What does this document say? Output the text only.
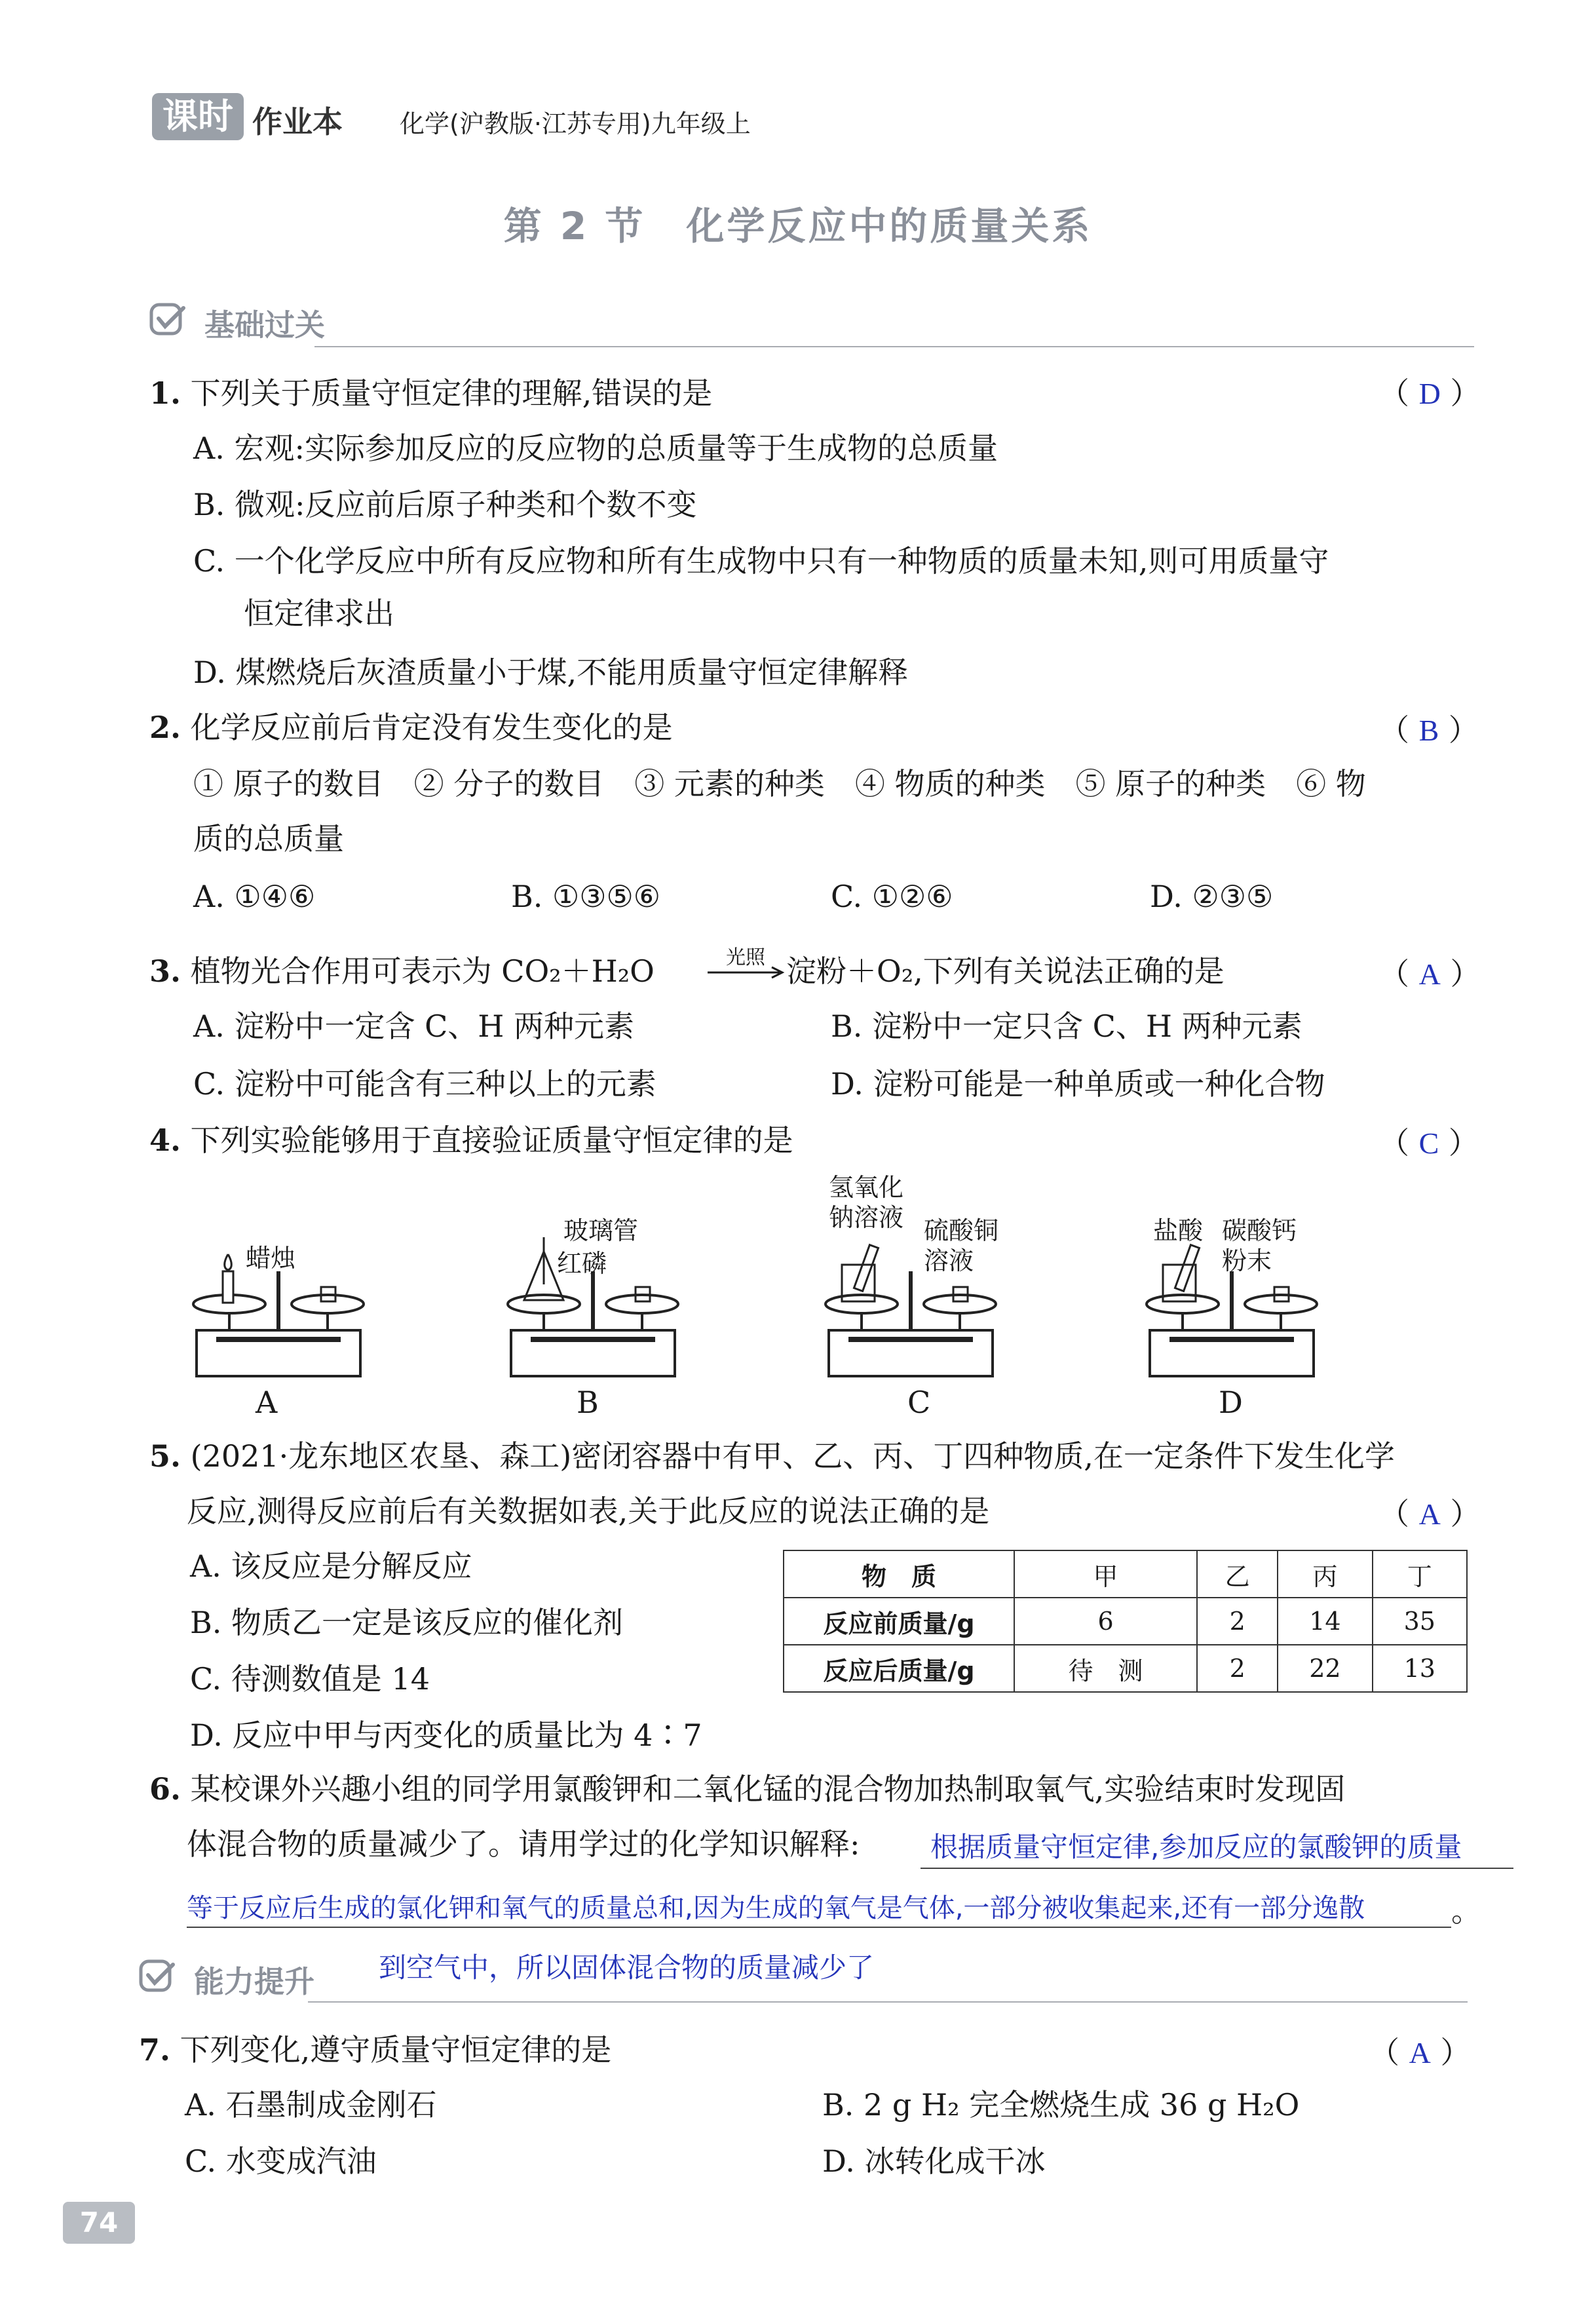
课时 作业本 化学(沪教版·江苏专用)九年级上
第 2 节　化学反应中的质量关系
基础过关
1. 下列关于质量守恒定律的理解,错误的是	（ D ）
A. 宏观:实际参加反应的反应物的总质量等于生成物的总质量
B. 微观:反应前后原子种类和个数不变
C. 一个化学反应中所有反应物和所有生成物中只有一种物质的质量未知,则可用质量守
恒定律求出
D. 煤燃烧后灰渣质量小于煤,不能用质量守恒定律解释
2. 化学反应前后肯定没有发生变化的是	（ B ）
① 原子的数目　② 分子的数目　③ 元素的种类　④ 物质的种类　⑤ 原子的种类　⑥ 物
质的总质量
A. ①④⑥	B. ①③⑤⑥	C. ①②⑥	D. ②③⑤
3. 植物光合作用可表示为 CO₂＋H₂O	光照 淀粉＋O₂,下列有关说法正确的是	（ A ）
A. 淀粉中一定含 C、H 两种元素	B. 淀粉中一定只含 C、H 两种元素
C. 淀粉中可能含有三种以上的元素	D. 淀粉可能是一种单质或一种化合物
4. 下列实验能够用于直接验证质量守恒定律的是	（ C ）
蜡烛
A
玻璃管
红磷
B
氢氧化
钠溶液 硫酸铜
溶液
C
盐酸 碳酸钙
粉末
D
5. (2021·龙东地区农垦、森工)密闭容器中有甲、乙、丙、丁四种物质,在一定条件下发生化学
反应,测得反应前后有关数据如表,关于此反应的说法正确的是	（ A ）
A. 该反应是分解反应
B. 物质乙一定是该反应的催化剂
C. 待测数值是 14
D. 反应中甲与丙变化的质量比为 4∶7
物　质	甲	乙	丙	丁
反应前质量/g	6	2	14	35
反应后质量/g	待　测	2	22	13
6. 某校课外兴趣小组的同学用氯酸钾和二氧化锰的混合物加热制取氧气,实验结束时发现固
体混合物的质量减少了。请用学过的化学知识解释:	根据质量守恒定律,参加反应的氯酸钾的质量
等于反应后生成的氯化钾和氧气的质量总和,因为生成的氧气是气体,一部分被收集起来,还有一部分逸散	。
能力提升 到空气中，所以固体混合物的质量减少了
7. 下列变化,遵守质量守恒定律的是	（ A ）
A. 石墨制成金刚石	B. 2 g H₂ 完全燃烧生成 36 g H₂O
C. 水变成汽油	D. 冰转化成干冰
74
